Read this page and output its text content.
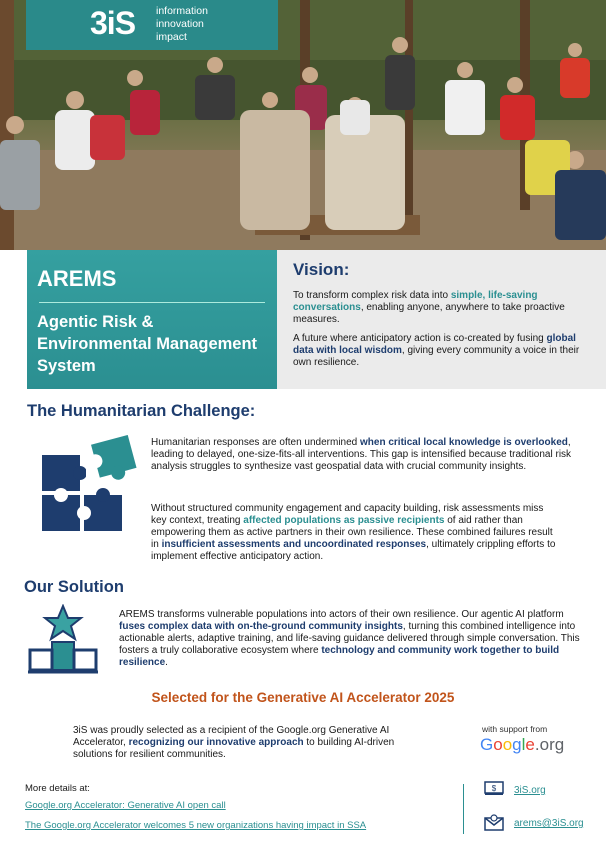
3iS information
innovation
impact
AREMS
Agentic Risk & Environmental Management System
Vision:

To transform complex risk data into simple, life-saving conversations, enabling anyone, anywhere to take proactive measures.

A future where anticipatory action is co-created by fusing global data with local wisdom, giving every community a voice in their own resilience.

The Humanitarian Challenge:

Humanitarian responses are often undermined when critical local knowledge is overlooked, leading to delayed, one-size-fits-all interventions. This gap is intensified because traditional risk analysis struggles to synthesize vast geospatial data with crucial community insights.

Without structured community engagement and capacity building, risk assessments miss key context, treating affected populations as passive recipients of aid rather than empowering them as active partners in their own resilience. These combined failures result in insufficient assessments and uncoordinated responses, ultimately crippling efforts to implement effective anticipatory action.

Our Solution

AREMS transforms vulnerable populations into actors of their own resilience. Our agentic AI platform fuses complex data with on-the-ground community insights, turning this combined intelligence into actionable alerts, adaptive training, and life-saving guidance delivered through simple conversation. This fosters a truly collaborative ecosystem where technology and community work together to build resilience.

Selected for the Generative AI Accelerator 2025

3iS was proudly selected as a recipient of the Google.org Generative AI Accelerator, recognizing our innovative approach to building AI-driven solutions for resilient communities.

with support from
Google.org
More details at:
Google.org Accelerator: Generative AI open call
The Google.org Accelerator welcomes 5 new organizations having impact in SSA
$ 3iS.org
arems@3iS.org
